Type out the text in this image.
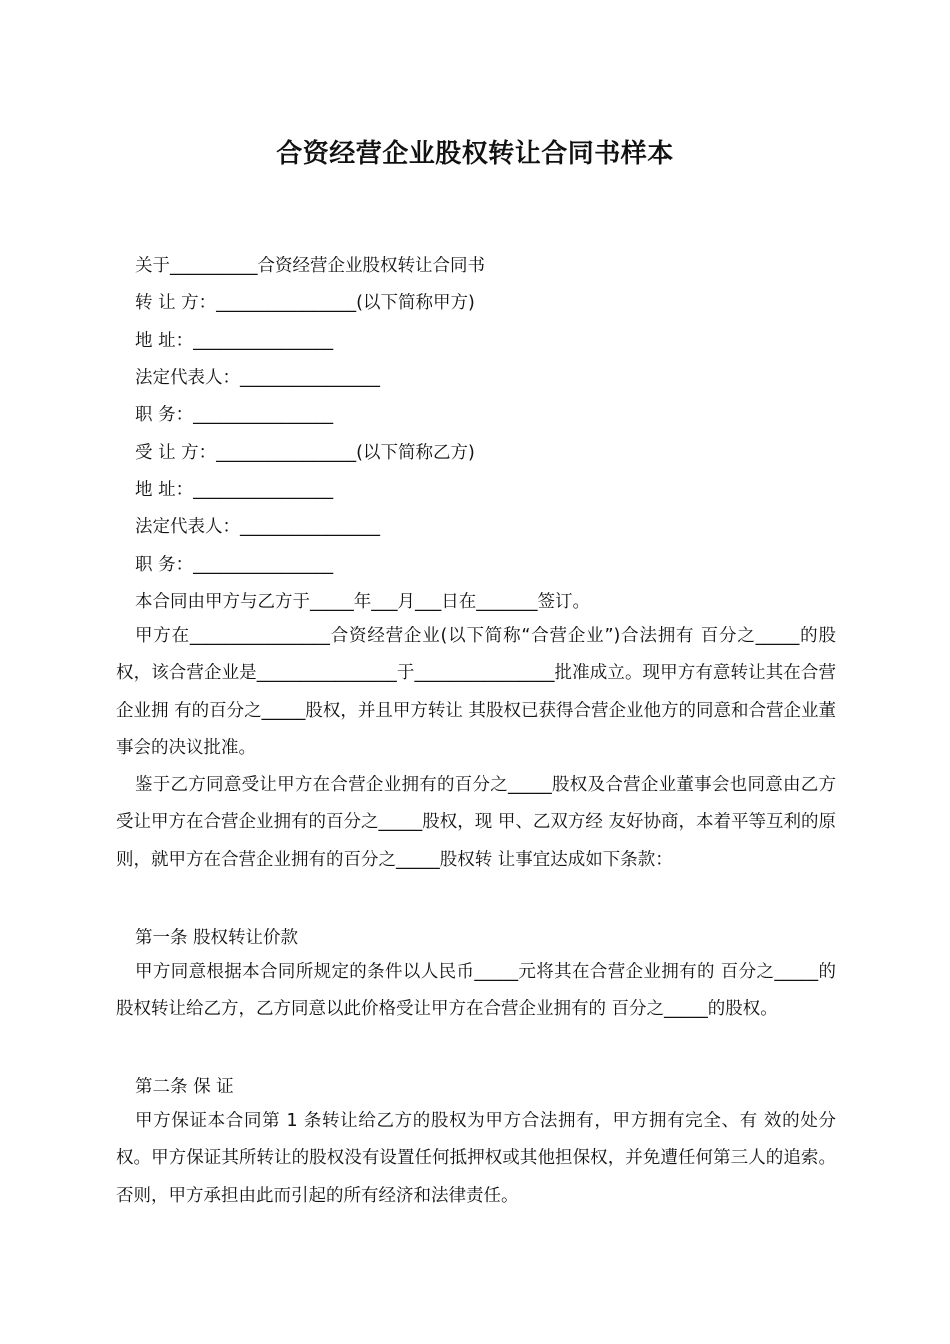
合资经营企业股权转让合同书样本
关于__________合资经营企业股权转让合同书
转 让 方：________________(以下简称甲方)
地 址：________________
法定代表人：________________
职 务：________________
受 让 方：________________(以下简称乙方)
地 址：________________
法定代表人：________________
职 务：________________
本合同由甲方与乙方于_____年___月___日在_______签订。

甲方在________________合资经营企业(以下简称“合营企业”)合法拥有 百分之_____的股权，该合营企业是________________于________________批准成立。现甲方有意转让其在合营企业拥 有的百分之_____股权，并且甲方转让 其股权已获得合营企业他方的同意和合营企业董事会的决议批准。

鉴于乙方同意受让甲方在合营企业拥有的百分之_____股权及合营企业董事会也同意由乙方受让甲方在合营企业拥有的百分之_____股权，现 甲、乙双方经 友好协商，本着平等互利的原则，就甲方在合营企业拥有的百分之_____股权转 让事宜达成如下条款：

第一条 股权转让价款

甲方同意根据本合同所规定的条件以人民币_____元将其在合营企业拥有的 百分之_____的股权转让给乙方，乙方同意以此价格受让甲方在合营企业拥有的 百分之_____的股权。

第二条 保 证

甲方保证本合同第 1 条转让给乙方的股权为甲方合法拥有，甲方拥有完全、有 效的处分权。甲方保证其所转让的股权没有设置任何抵押权或其他担保权，并免遭任何第三人的追索。否则，甲方承担由此而引起的所有经济和法律责任。
